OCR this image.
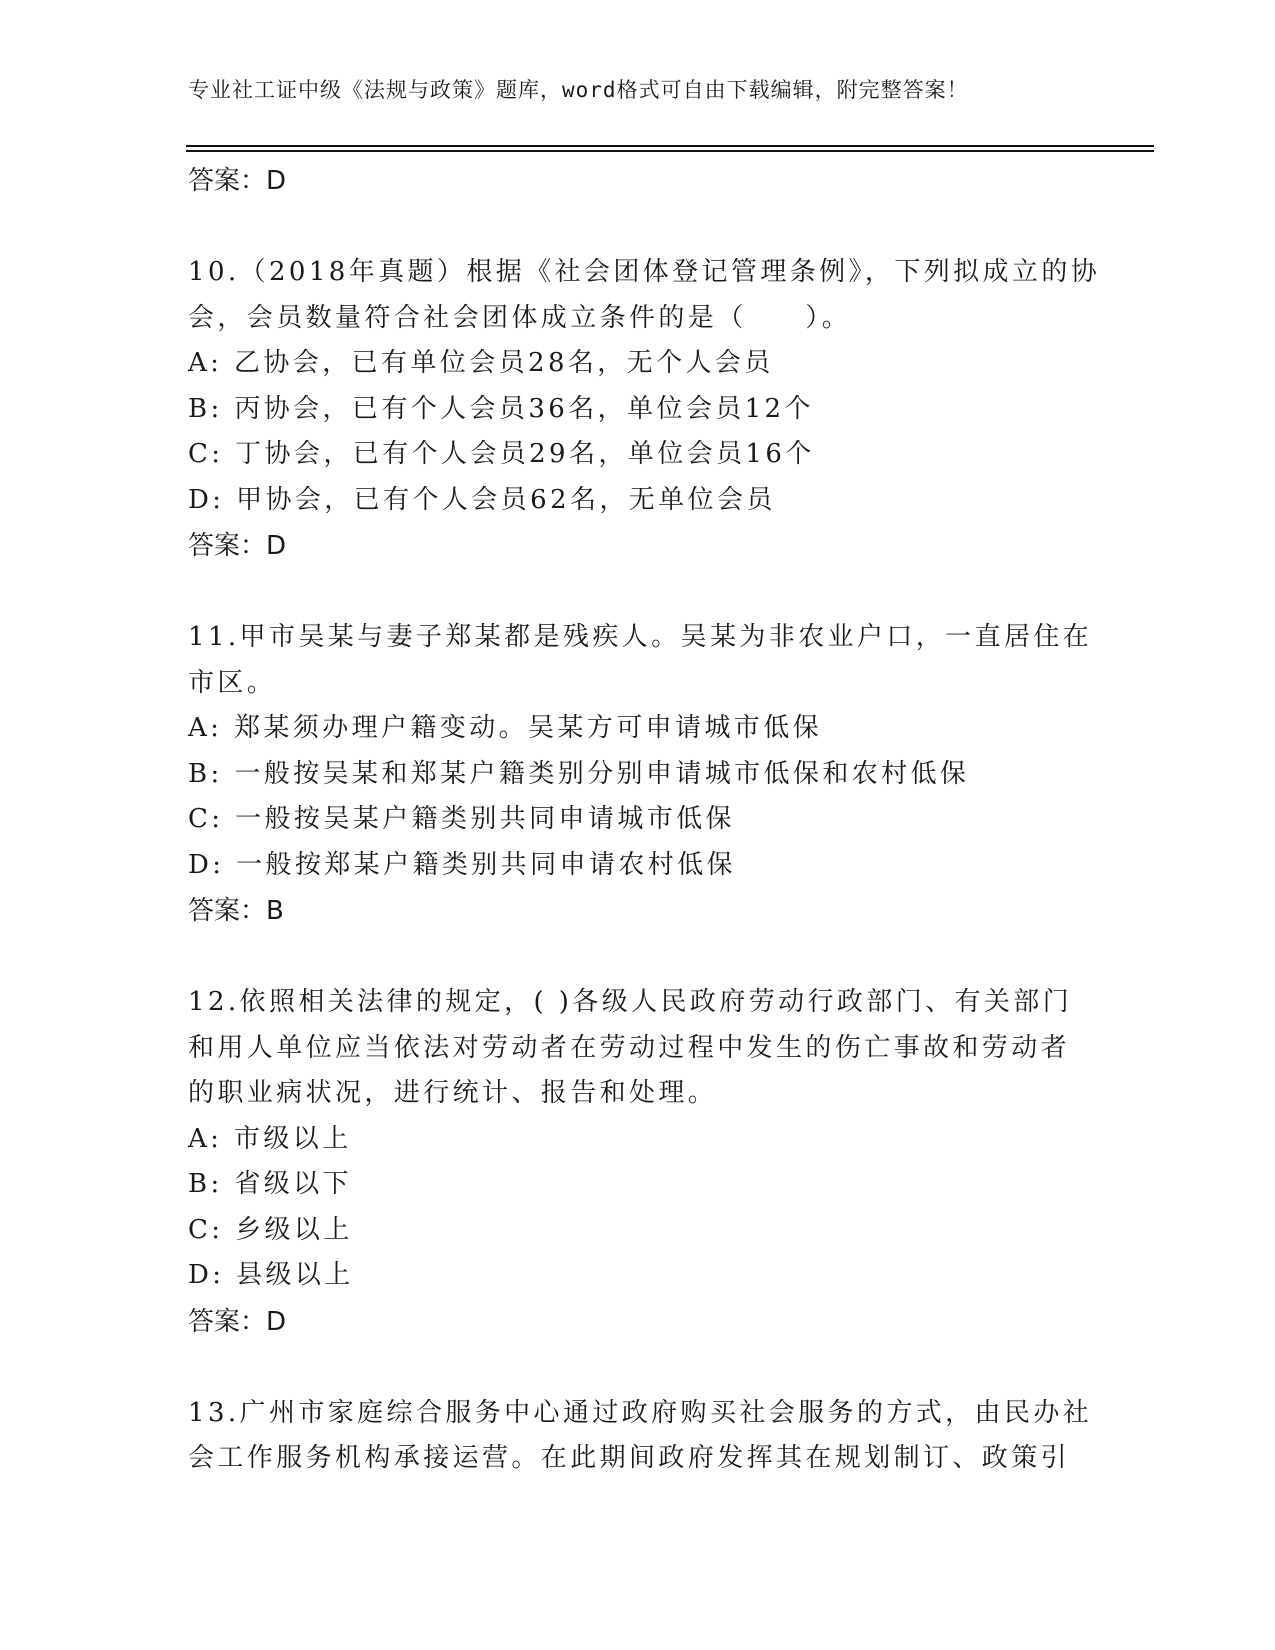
专业社工证中级《法规与政策》题库，word格式可自由下载编辑，附完整答案！
答案：D
10.（2018年真题）根据《社会团体登记管理条例》，下列拟成立的协
会，会员数量符合社会团体成立条件的是（　　）。
A: 乙协会，已有单位会员28名，无个人会员
B: 丙协会，已有个人会员36名，单位会员12个
C: 丁协会，已有个人会员29名，单位会员16个
D: 甲协会，已有个人会员62名，无单位会员
答案：D
11.甲市吴某与妻子郑某都是残疾人。吴某为非农业户口，一直居住在
市区。
A: 郑某须办理户籍变动。吴某方可申请城市低保
B: 一般按吴某和郑某户籍类别分别申请城市低保和农村低保
C: 一般按吴某户籍类别共同申请城市低保
D: 一般按郑某户籍类别共同申请农村低保
答案：B
12.依照相关法律的规定，( )各级人民政府劳动行政部门、有关部门
和用人单位应当依法对劳动者在劳动过程中发生的伤亡事故和劳动者
的职业病状况，进行统计、报告和处理。
A: 市级以上
B: 省级以下
C: 乡级以上
D: 县级以上
答案：D
13.广州市家庭综合服务中心通过政府购买社会服务的方式，由民办社
会工作服务机构承接运营。在此期间政府发挥其在规划制订、政策引
